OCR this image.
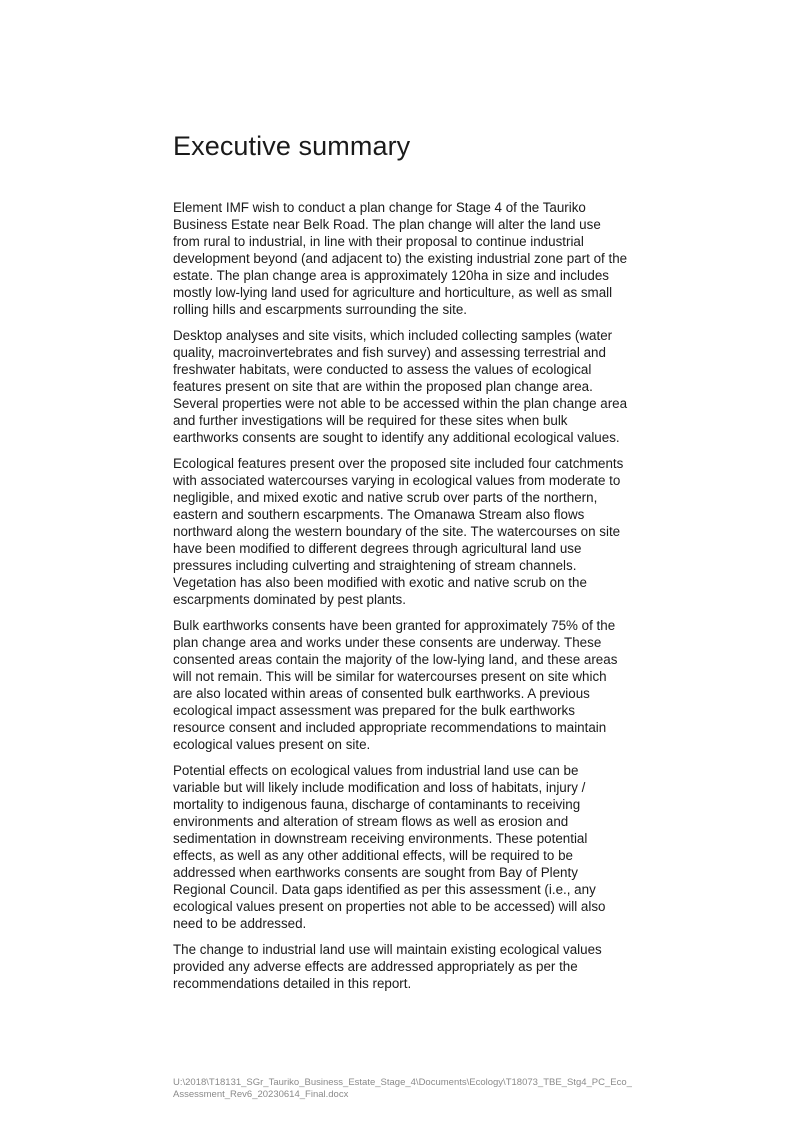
Executive summary

Element IMF wish to conduct a plan change for Stage 4 of the Tauriko
Business Estate near Belk Road. The plan change will alter the land use
from rural to industrial, in line with their proposal to continue industrial
development beyond (and adjacent to) the existing industrial zone part of the
estate. The plan change area is approximately 120ha in size and includes
mostly low-lying land used for agriculture and horticulture, as well as small
rolling hills and escarpments surrounding the site.

Desktop analyses and site visits, which included collecting samples (water
quality, macroinvertebrates and fish survey) and assessing terrestrial and
freshwater habitats, were conducted to assess the values of ecological
features present on site that are within the proposed plan change area.
Several properties were not able to be accessed within the plan change area
and further investigations will be required for these sites when bulk
earthworks consents are sought to identify any additional ecological values.

Ecological features present over the proposed site included four catchments
with associated watercourses varying in ecological values from moderate to
negligible, and mixed exotic and native scrub over parts of the northern,
eastern and southern escarpments. The Omanawa Stream also flows
northward along the western boundary of the site. The watercourses on site
have been modified to different degrees through agricultural land use
pressures including culverting and straightening of stream channels.
Vegetation has also been modified with exotic and native scrub on the
escarpments dominated by pest plants.

Bulk earthworks consents have been granted for approximately 75% of the
plan change area and works under these consents are underway. These
consented areas contain the majority of the low-lying land, and these areas
will not remain. This will be similar for watercourses present on site which
are also located within areas of consented bulk earthworks. A previous
ecological impact assessment was prepared for the bulk earthworks
resource consent and included appropriate recommendations to maintain
ecological values present on site.

Potential effects on ecological values from industrial land use can be
variable but will likely include modification and loss of habitats, injury /
mortality to indigenous fauna, discharge of contaminants to receiving
environments and alteration of stream flows as well as erosion and
sedimentation in downstream receiving environments. These potential
effects, as well as any other additional effects, will be required to be
addressed when earthworks consents are sought from Bay of Plenty
Regional Council. Data gaps identified as per this assessment (i.e., any
ecological values present on properties not able to be accessed) will also
need to be addressed.

The change to industrial land use will maintain existing ecological values
provided any adverse effects are addressed appropriately as per the
recommendations detailed in this report.

U:\2018\T18131_SGr_Tauriko_Business_Estate_Stage_4\Documents\Ecology\T18073_TBE_Stg4_PC_Eco_
Assessment_Rev6_20230614_Final.docx
